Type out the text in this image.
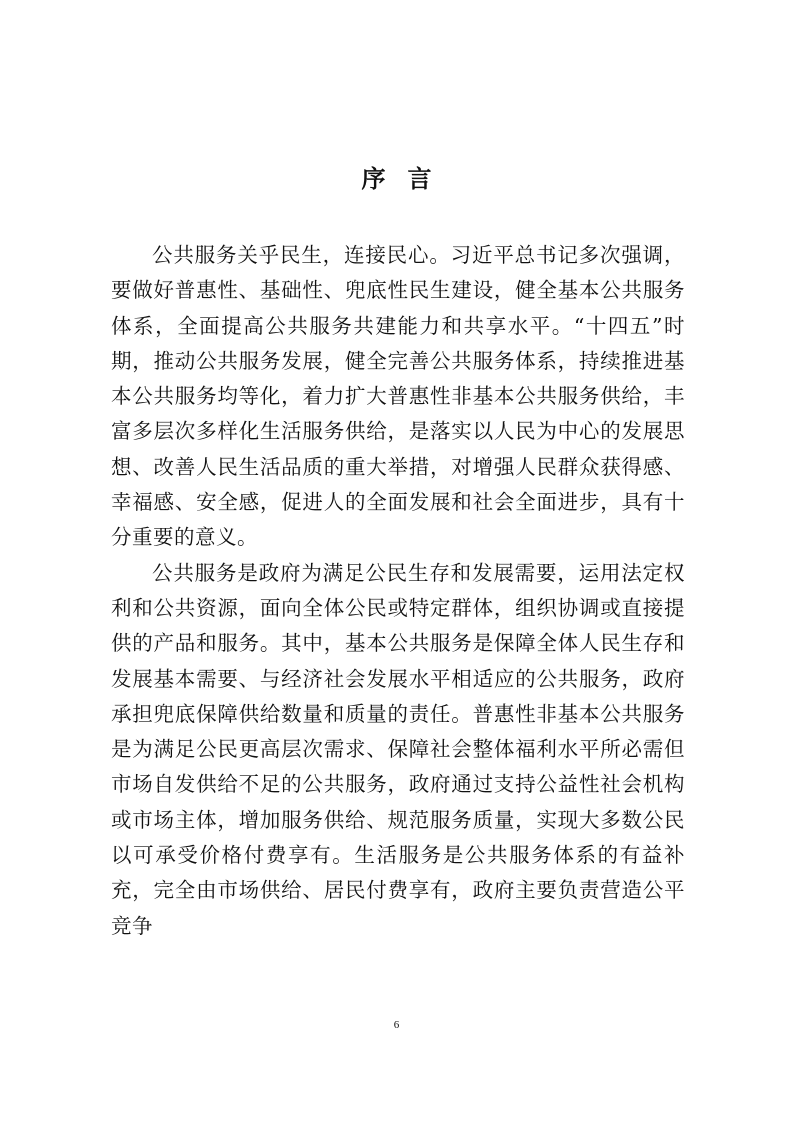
序言

公共服务关乎民生，连接民心。习近平总书记多次强调，要做好普惠性、基础性、兜底性民生建设，健全基本公共服务体系，全面提高公共服务共建能力和共享水平。“十四五”时期，推动公共服务发展，健全完善公共服务体系，持续推进基本公共服务均等化，着力扩大普惠性非基本公共服务供给，丰富多层次多样化生活服务供给，是落实以人民为中心的发展思想、改善人民生活品质的重大举措，对增强人民群众获得感、幸福感、安全感，促进人的全面发展和社会全面进步，具有十分重要的意义。

公共服务是政府为满足公民生存和发展需要，运用法定权利和公共资源，面向全体公民或特定群体，组织协调或直接提供的产品和服务。其中，基本公共服务是保障全体人民生存和发展基本需要、与经济社会发展水平相适应的公共服务，政府承担兜底保障供给数量和质量的责任。普惠性非基本公共服务是为满足公民更高层次需求、保障社会整体福利水平所必需但市场自发供给不足的公共服务，政府通过支持公益性社会机构或市场主体，增加服务供给、规范服务质量，实现大多数公民以可承受价格付费享有。生活服务是公共服务体系的有益补充，完全由市场供给、居民付费享有，政府主要负责营造公平竞争

6
